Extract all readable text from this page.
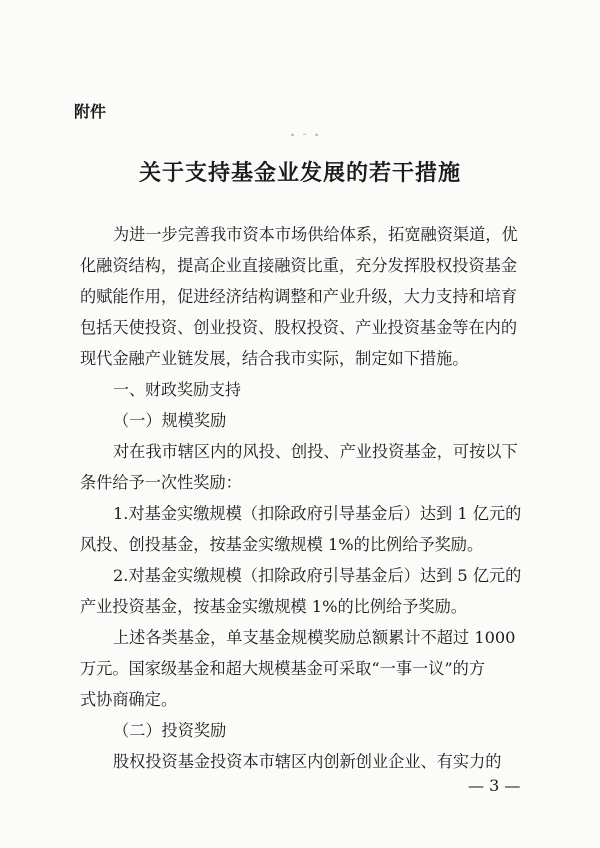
附件
∙ ⁃ ∙
关于支持基金业发展的若干措施
为进一步完善我市资本市场供给体系，拓宽融资渠道，优
化融资结构，提高企业直接融资比重，充分发挥股权投资基金
的赋能作用，促进经济结构调整和产业升级，大力支持和培育
包括天使投资、创业投资、股权投资、产业投资基金等在内的
现代金融产业链发展，结合我市实际，制定如下措施。
一、财政奖励支持
（一）规模奖励
对在我市辖区内的风投、创投、产业投资基金，可按以下
条件给予一次性奖励：
1.对基金实缴规模（扣除政府引导基金后）达到 1 亿元的
风投、创投基金，按基金实缴规模 1%的比例给予奖励。
2.对基金实缴规模（扣除政府引导基金后）达到 5 亿元的
产业投资基金，按基金实缴规模 1%的比例给予奖励。
上述各类基金，单支基金规模奖励总额累计不超过 1000
万元。国家级基金和超大规模基金可采取“一事一议”的方
式协商确定。
（二）投资奖励
股权投资基金投资本市辖区内创新创业企业、有实力的
— 3 —
